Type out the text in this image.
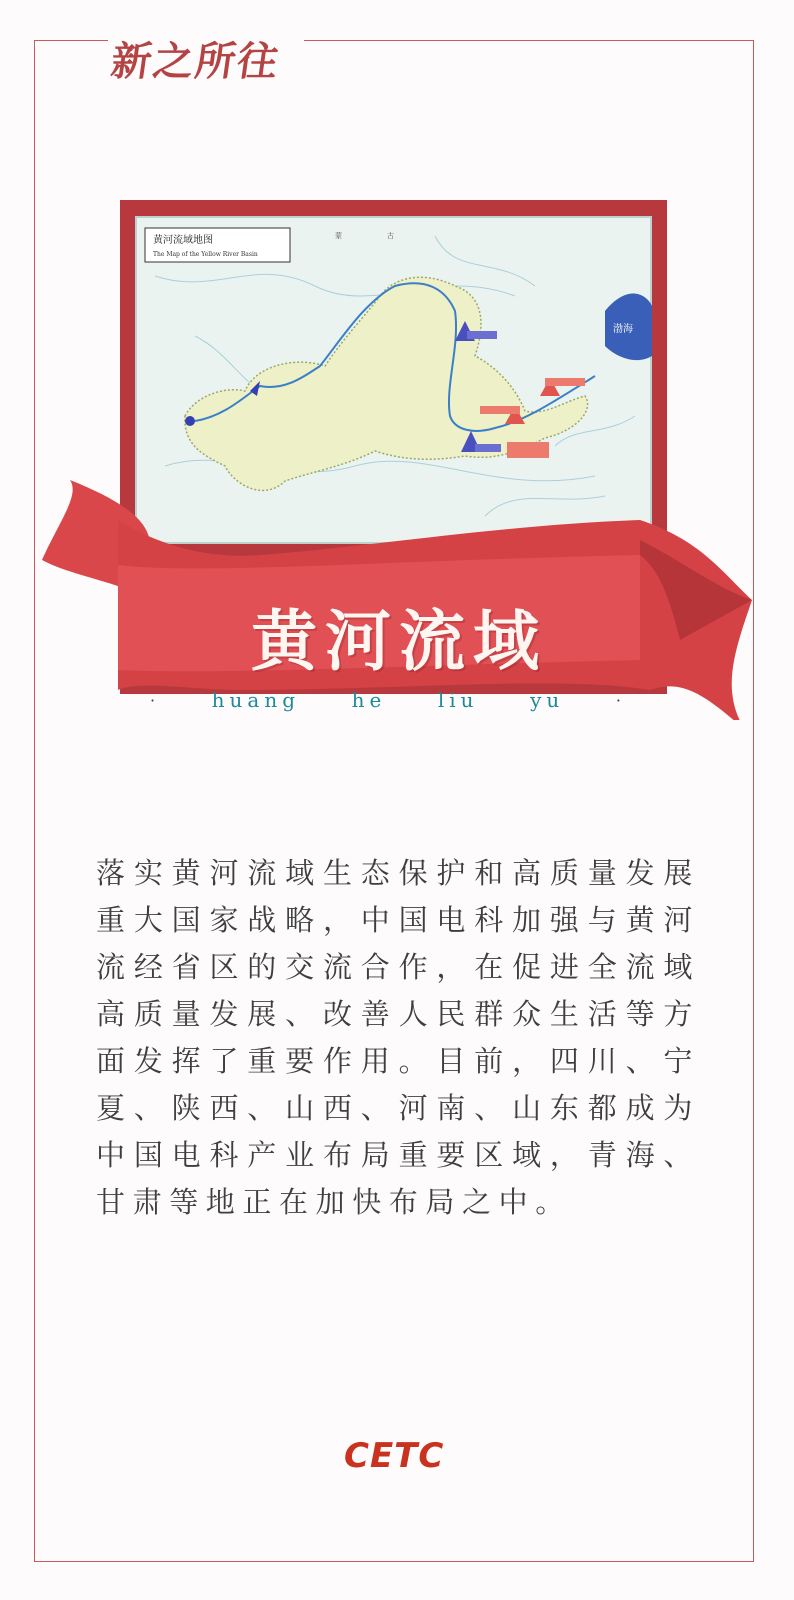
新之所往
渤海
黄河流域地图
The Map of the Yellow River Basin
蒙	古
黄河流域
·	huang	he	liu	yu	·
落实黄河流域生态保护和高质量发展重大国家战略，中国电科加强与黄河流经省区的交流合作，在促进全流域高质量发展、改善人民群众生活等方面发挥了重要作用。目前，四川、宁夏、陕西、山西、河南、山东都成为中国电科产业布局重要区域，青海、甘肃等地正在加快布局之中。
CETC
